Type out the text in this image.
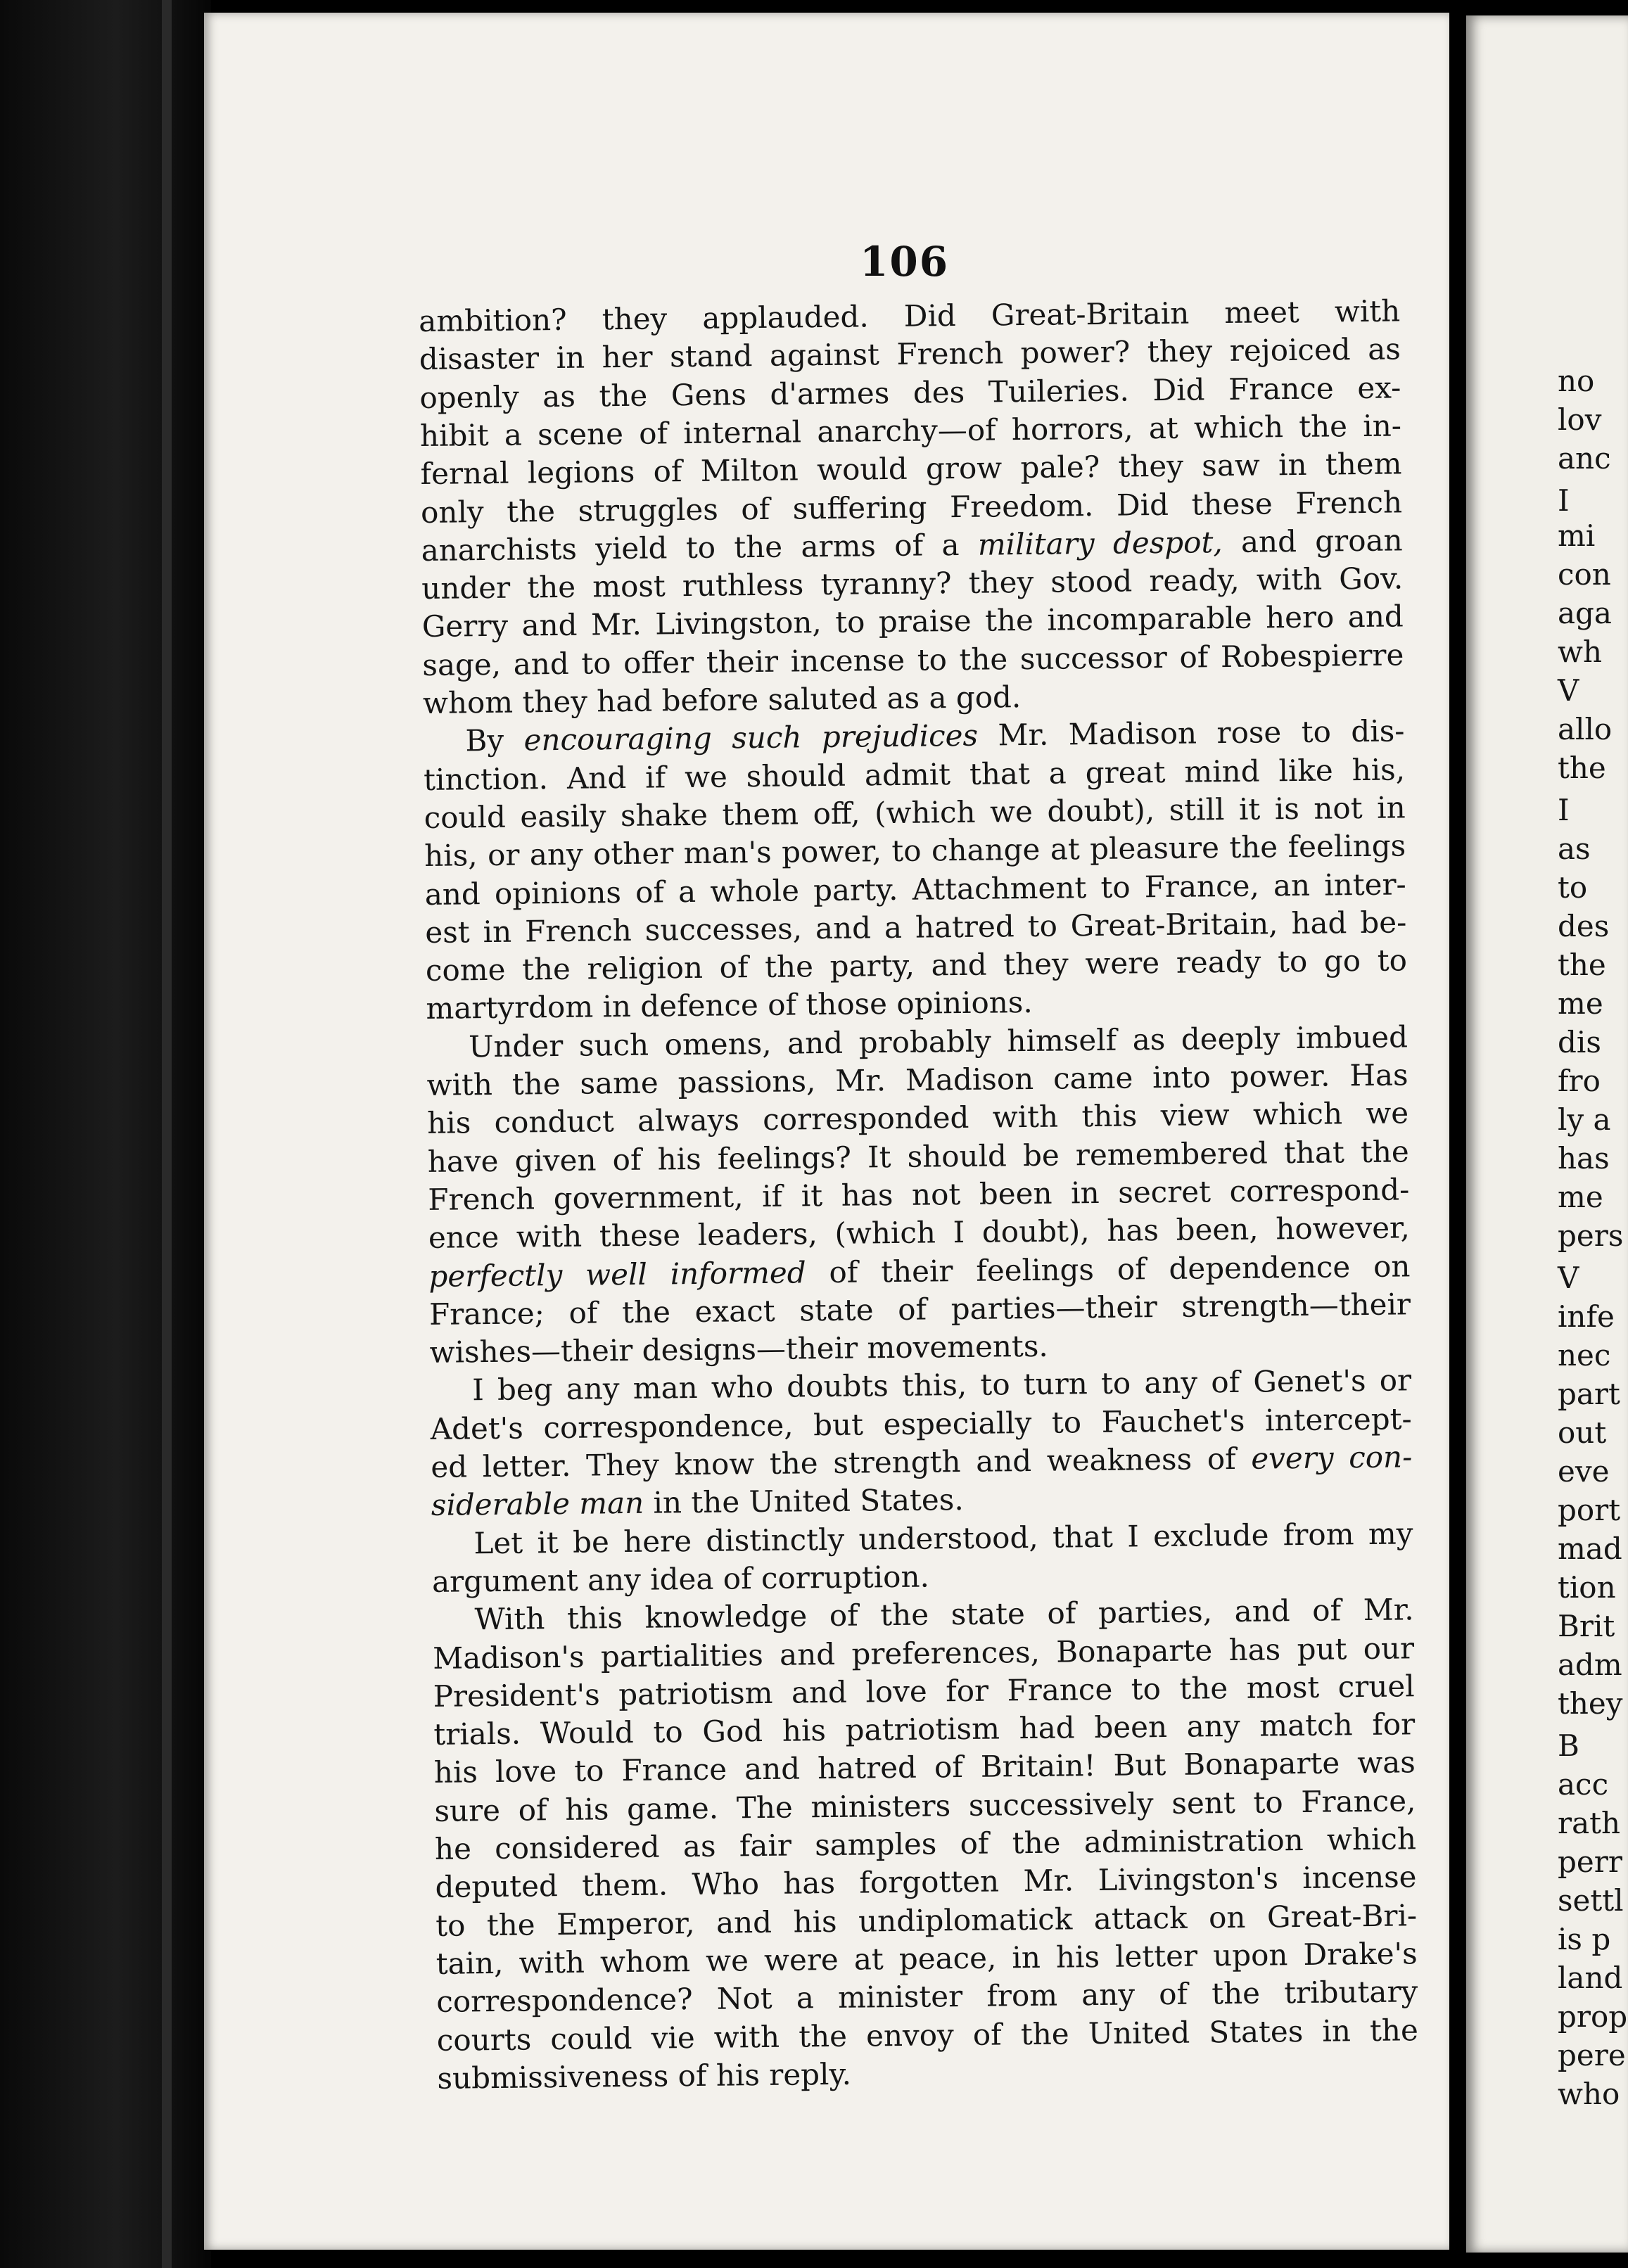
no
lov
anc
I
mi
con
aga
wh
V
allo
the
I
as
to
des
the
me
dis
fro
ly a
has
me
pers
V
infe
nec
part
out
eve
port
mad
tion
Brit
adm
they
B
acc
rath
perr
settl
is p
land
prop
pere
who
106
ambition? they applauded. Did Great-Britain meet with
disaster in her stand against French power? they rejoiced as
openly as the Gens d'armes des Tuileries. Did France ex-
hibit a scene of internal anarchy—of horrors, at which the in-
fernal legions of Milton would grow pale? they saw in them
only the struggles of suffering Freedom. Did these French
anarchists yield to the arms of a military despot, and groan
under the most ruthless tyranny? they stood ready, with Gov.
Gerry and Mr. Livingston, to praise the incomparable hero and
sage, and to offer their incense to the successor of Robespierre
whom they had before saluted as a god.
By encouraging such prejudices Mr. Madison rose to dis-
tinction. And if we should admit that a great mind like his,
could easily shake them off, (which we doubt), still it is not in
his, or any other man's power, to change at pleasure the feelings
and opinions of a whole party. Attachment to France, an inter-
est in French successes, and a hatred to Great-Britain, had be-
come the religion of the party, and they were ready to go to
martyrdom in defence of those opinions.
Under such omens, and probably himself as deeply imbued
with the same passions, Mr. Madison came into power. Has
his conduct always corresponded with this view which we
have given of his feelings? It should be remembered that the
French government, if it has not been in secret correspond-
ence with these leaders, (which I doubt), has been, however,
perfectly well informed of their feelings of dependence on
France; of the exact state of parties—their strength—their
wishes—their designs—their movements.
I beg any man who doubts this, to turn to any of Genet's or
Adet's correspondence, but especially to Fauchet's intercept-
ed letter. They know the strength and weakness of every con-
siderable man in the United States.
Let it be here distinctly understood, that I exclude from my
argument any idea of corruption.
With this knowledge of the state of parties, and of Mr.
Madison's partialities and preferences, Bonaparte has put our
President's patriotism and love for France to the most cruel
trials. Would to God his patriotism had been any match for
his love to France and hatred of Britain! But Bonaparte was
sure of his game. The ministers successively sent to France,
he considered as fair samples of the administration which
deputed them. Who has forgotten Mr. Livingston's incense
to the Emperor, and his undiplomatick attack on Great-Bri-
tain, with whom we were at peace, in his letter upon Drake's
correspondence? Not a minister from any of the tributary
courts could vie with the envoy of the United States in the
submissiveness of his reply.
